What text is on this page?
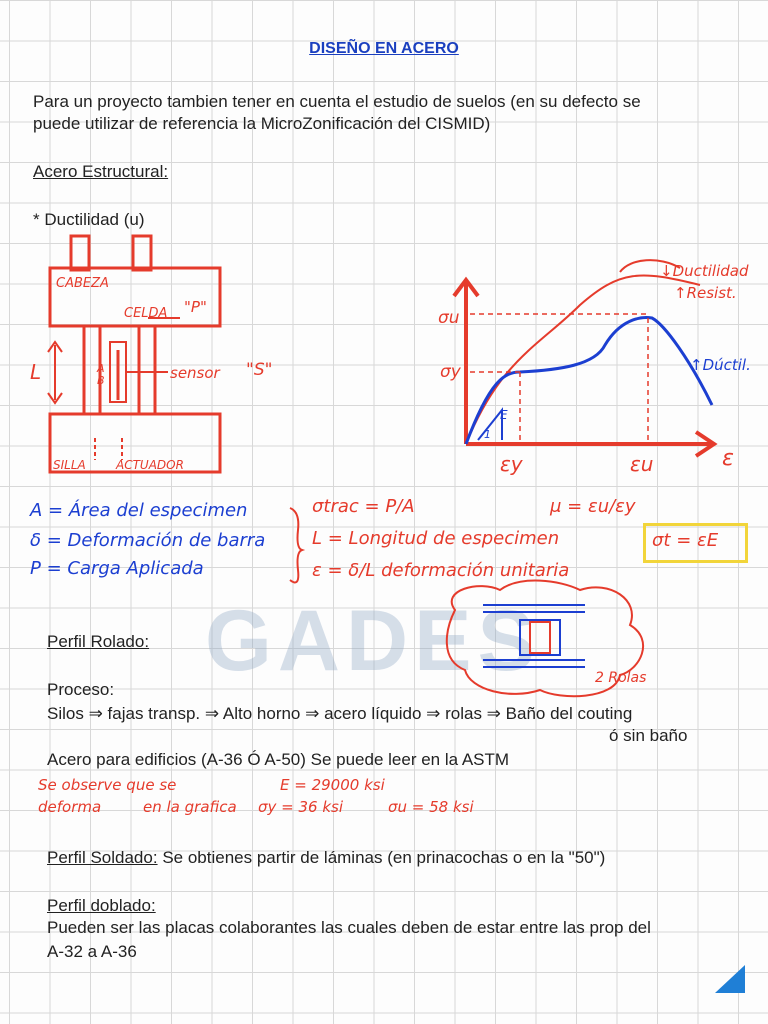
GADES
DISEÑO EN ACERO
Para un proyecto tambien tener en cuenta el estudio de suelos (en su defecto se
puede utilizar de referencia la MicroZonificación del CISMID)
Acero Estructural:
* Ductilidad (u)
CABEZA
CELDA "P"
L	A
B	sensor "S"
SILLA	ACTUADOR
σu
σy
εy	εu	ε
E
1
↓Ductilidad
↑Resist.
↑Dúctil.
A = Área del especimen
δ = Deformación de barra
P = Carga Aplicada
σtrac = P/A
L = Longitud de especimen
ε = δ/L deformación unitaria
μ = εu/εy
σt = εE
Perfil Rolado:
2 Rolas
Proceso:
Silos ⇒ fajas transp. ⇒ Alto horno ⇒ acero líquido ⇒ rolas ⇒ Baño del couting
ó sin baño
Acero para edificios (A-36 Ó A-50) Se puede leer en la ASTM
Se observe que se	E = 29000 ksi
deforma	en la grafica σy = 36 ksi	σu = 58 ksi
Perfil Soldado: Se obtienes partir de láminas (en prinacochas o en la "50")
Perfil doblado:
Pueden ser las placas colaborantes las cuales deben de estar entre las prop del
A-32 a A-36
